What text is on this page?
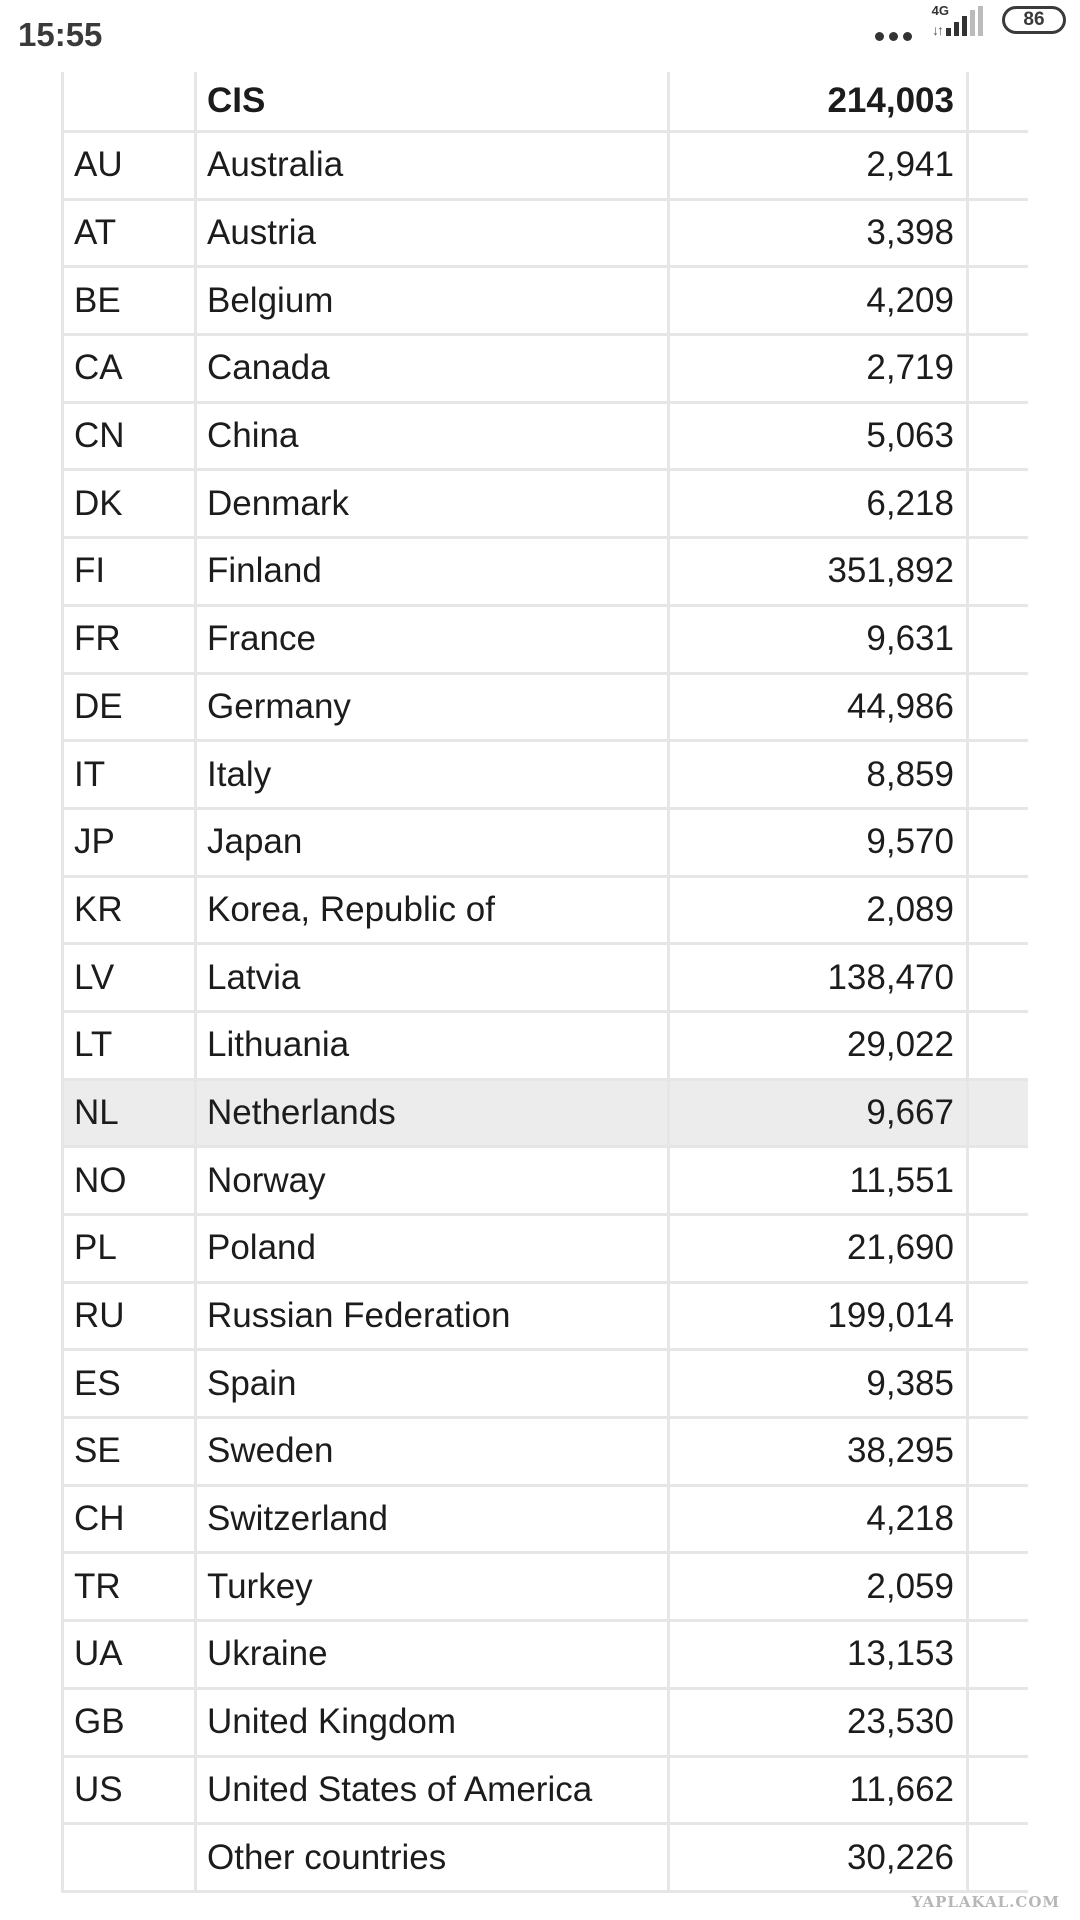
15:55
4G
↓↑	86
CIS	214,003
AU	Australia	2,941
AT	Austria	3,398
BE	Belgium	4,209
CA	Canada	2,719
CN	China	5,063
DK	Denmark	6,218
FI	Finland	351,892
FR	France	9,631
DE	Germany	44,986
IT	Italy	8,859
JP	Japan	9,570
KR	Korea, Republic of	2,089
LV	Latvia	138,470
LT	Lithuania	29,022
NL	Netherlands	9,667
NO	Norway	11,551
PL	Poland	21,690
RU	Russian Federation	199,014
ES	Spain	9,385
SE	Sweden	38,295
CH	Switzerland	4,218
TR	Turkey	2,059
UA	Ukraine	13,153
GB	United Kingdom	23,530
US	United States of America	11,662
Other countries	30,226
YAPLAKAL.COM
